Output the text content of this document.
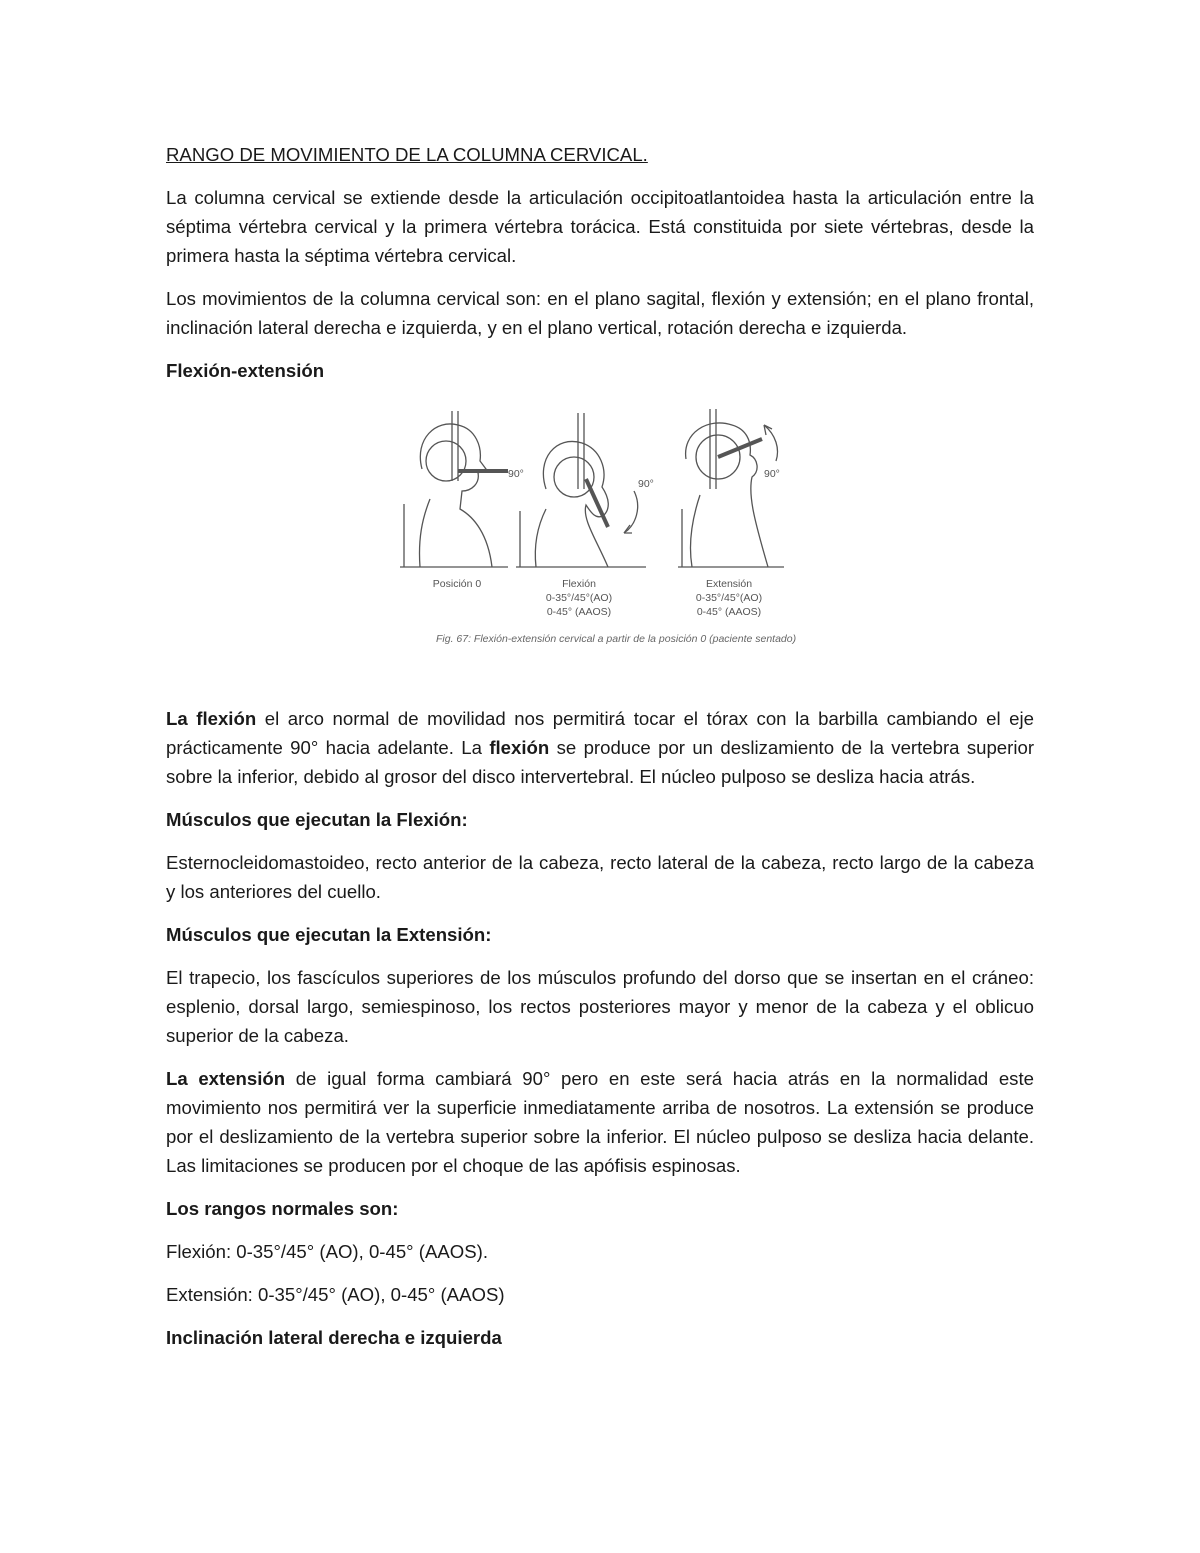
RANGO DE MOVIMIENTO DE LA COLUMNA CERVICAL.

La columna cervical se extiende desde la articulación occipitoatlantoidea hasta la articulación entre la séptima vértebra cervical y la primera vértebra torácica. Está constituida por siete vértebras, desde la primera hasta la séptima vértebra cervical.

Los movimientos de la columna cervical son: en el plano sagital, flexión y extensión; en el plano frontal, inclinación lateral derecha e izquierda, y en el plano vertical, rotación derecha e izquierda.

Flexión-extensión

90°
90°
90°
Posición 0	Flexión
0-35°/45°(AO)
0-45° (AAOS)
Extensión
0-35°/45°(AO)
0-45° (AAOS)
Fig. 67: Flexión-extensión cervical a partir de la posición 0 (paciente sentado)

La flexión el arco normal de movilidad nos permitirá tocar el tórax con la barbilla cambiando el eje prácticamente 90° hacia adelante. La flexión se produce por un deslizamiento de la vertebra superior sobre la inferior, debido al grosor del disco intervertebral. El núcleo pulposo se desliza hacia atrás.

Músculos que ejecutan la Flexión:

Esternocleidomastoideo, recto anterior de la cabeza, recto lateral de la cabeza, recto largo de la cabeza y los anteriores del cuello.

Músculos que ejecutan la Extensión:

El trapecio, los fascículos superiores de los músculos profundo del dorso que se insertan en el cráneo: esplenio, dorsal largo, semiespinoso, los rectos posteriores mayor y menor de la cabeza y el oblicuo superior de la cabeza.

La extensión de igual forma cambiará 90° pero en este será hacia atrás en la normalidad este movimiento nos permitirá ver la superficie inmediatamente arriba de nosotros. La extensión se produce por el deslizamiento de la vertebra superior sobre la inferior. El núcleo pulposo se desliza hacia delante. Las limitaciones se producen por el choque de las apófisis espinosas.

Los rangos normales son:

Flexión: 0-35°/45° (AO), 0-45° (AAOS).

Extensión: 0-35°/45° (AO), 0-45° (AAOS)

Inclinación lateral derecha e izquierda
